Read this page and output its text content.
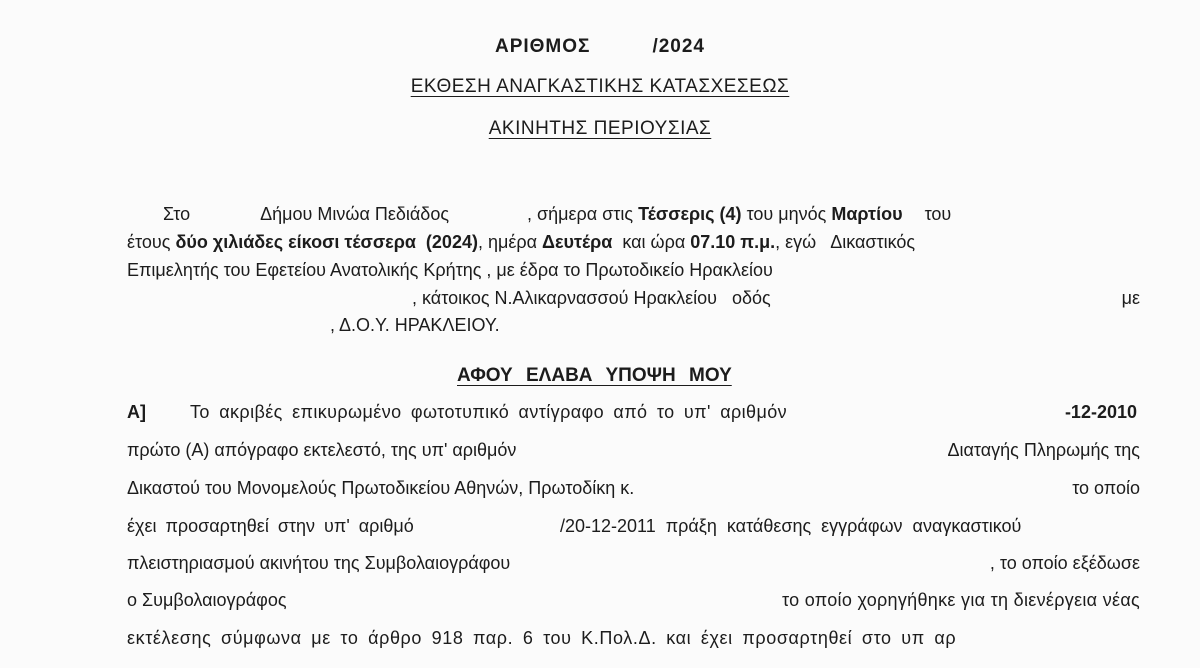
ΑΡΙΘΜΟΣ	/2024
ΕΚΘΕΣΗ ΑΝΑΓΚΑΣΤΙΚΗΣ ΚΑΤΑΣΧΕΣΕΩΣ
ΑΚΙΝΗΤΗΣ ΠΕΡΙΟΥΣΙΑΣ
Στο	Δήμου Μινώα Πεδιάδος	, σήμερα στις Τέσσερις (4) του μηνός Μαρτίου του
έτους δύο χιλιάδες είκοσι τέσσερα (2024), ημέρα Δευτέρα και ώρα 07.10 π.μ., εγώ Δικαστικός
Επιμελητής του Εφετείου Ανατολικής Κρήτης , με έδρα το Πρωτοδικείο Ηρακλείου
, κάτοικος Ν.Αλικαρνασσού Ηρακλείου οδός	με
, Δ.Ο.Υ. ΗΡΑΚΛΕΙΟΥ.
ΑΦΟΥ ΕΛΑΒΑ ΥΠΟΨΗ ΜΟΥ
Α] Το ακριβές επικυρωμένο φωτοτυπικό αντίγραφο από το υπ' αριθμόν	-12-2010
πρώτο (Α) απόγραφο εκτελεστό, της υπ' αριθμόν	Διαταγής Πληρωμής της
Δικαστού του Μονομελούς Πρωτοδικείου Αθηνών, Πρωτοδίκη κ.	το οποίο
έχει προσαρτηθεί στην υπ' αριθμό	/20-12-2011 πράξη κατάθεσης εγγράφων αναγκαστικού
πλειστηριασμού ακινήτου της Συμβολαιογράφου	, το οποίο εξέδωσε
ο Συμβολαιογράφος	το οποίο χορηγήθηκε για τη διενέργεια νέας
εκτέλεσης σύμφωνα με το άρθρο 918 παρ. 6 του Κ.Πολ.Δ. και έχει προσαρτηθεί στο υπ αρ
